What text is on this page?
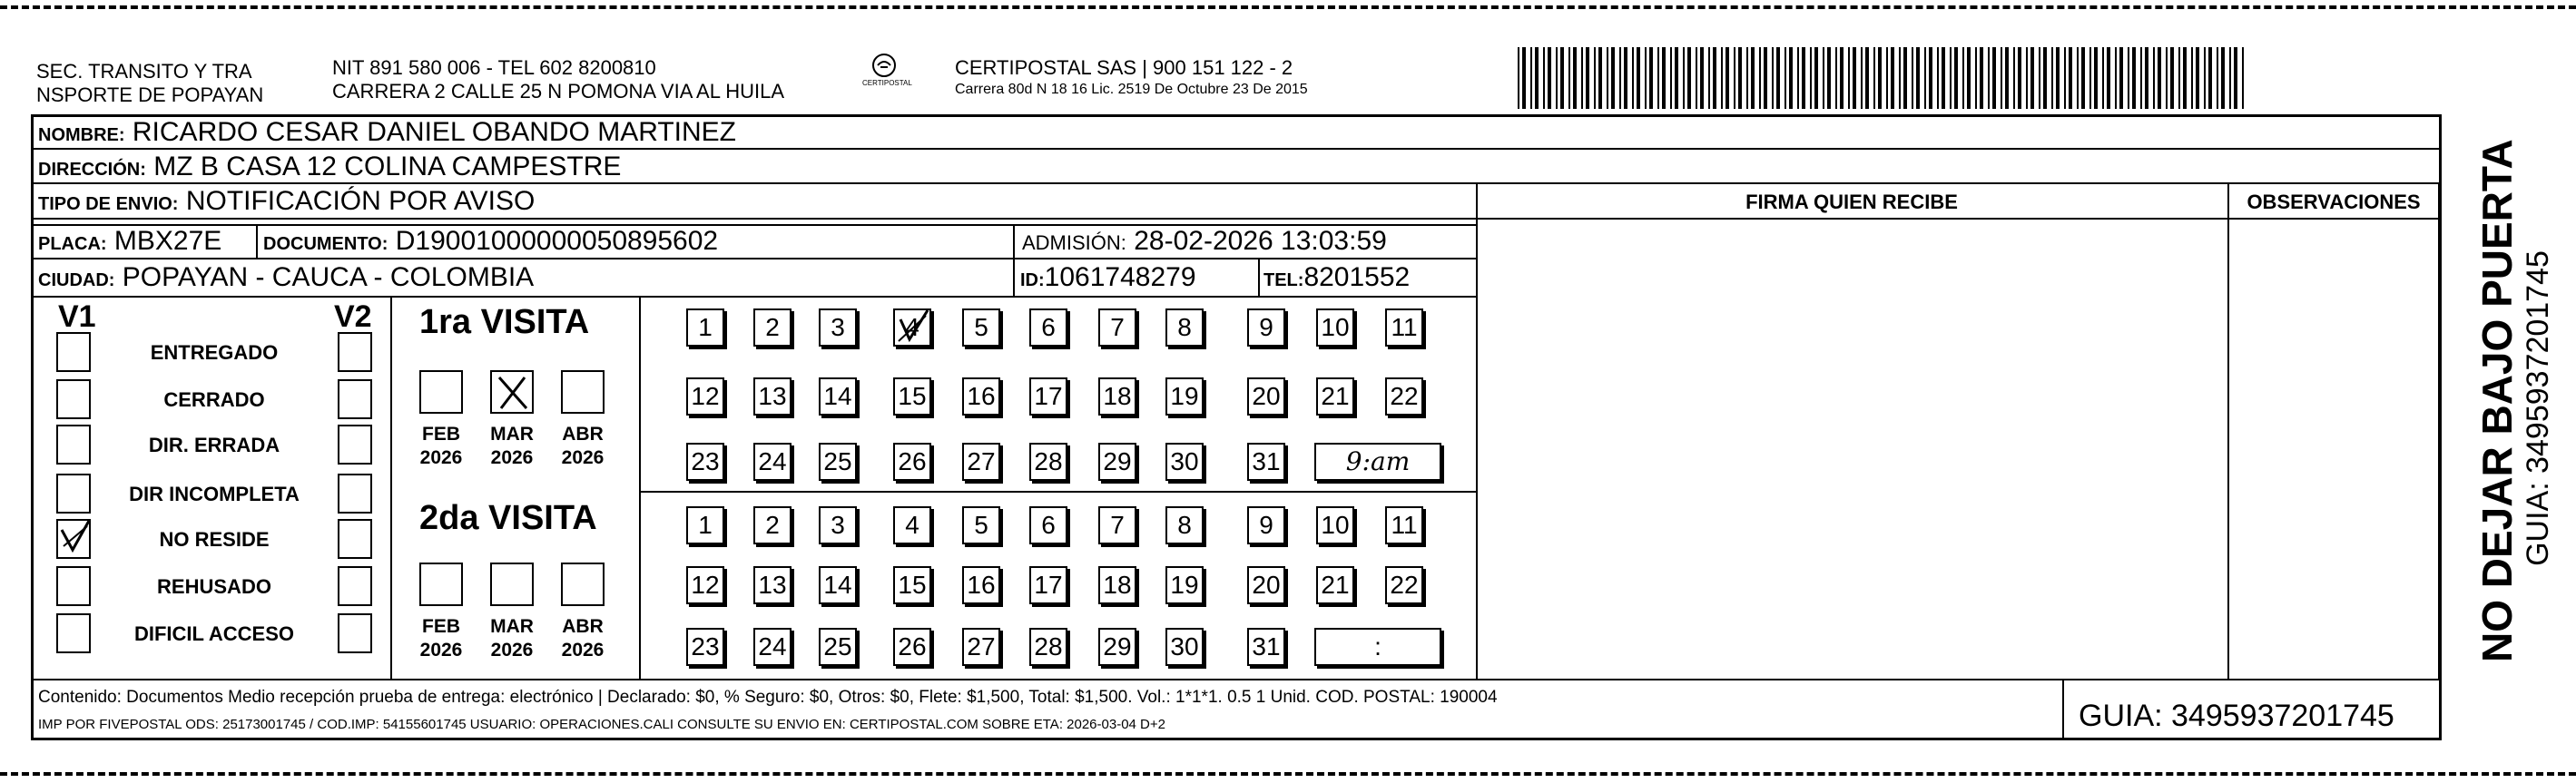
SEC. TRANSITO Y TRA
NSPORTE DE POPAYAN
NIT 891 580 006 - TEL 602 8200810
CARRERA 2 CALLE 25 N POMONA VIA AL HUILA	CERTIPOSTAL
CERTIPOSTAL SAS | 900 151 122 - 2
Carrera 80d N 18 16 Lic. 2519 De Octubre 23 De 2015
NOMBRE: RICARDO CESAR DANIEL OBANDO MARTINEZ
DIRECCIÓN: MZ B CASA 12 COLINA CAMPESTRE
TIPO DE ENVIO: NOTIFICACIÓN POR AVISO	FIRMA QUIEN RECIBE	OBSERVACIONES
PLACA: MBX27E DOCUMENTO: D19001000000050895602	ADMISIÓN: 28-02-2026 13:03:59
CIUDAD: POPAYAN - CAUCA - COLOMBIA	ID:1061748279	TEL:8201552
V1	V2
ENTREGADO
CERRADO
DIR. ERRADA
DIR INCOMPLETA
NO RESIDE
REHUSADO
DIFICIL ACCESO
1ra VISITA
2da VISITA
FEB
2026
MAR
2026
ABR
2026
FEB
2026
MAR
2026
ABR
2026
1	2	3	4	5	6	7	8	9	10 11
12 13 14 15 16 17 18 19 20 21 22
23 24 25 26 27 28 29 30 31	9:am
1	2	3	4	5	6	7	8	9	10 11
12 13 14 15 16 17 18 19 20 21 22
23 24 25 26 27 28 29 30 31	:
Contenido: Documentos Medio recepción prueba de entrega: electrónico | Declarado: $0, % Seguro: $0, Otros: $0, Flete: $1,500, Total: $1,500. Vol.: 1*1*1. 0.5 1 Unid. COD. POSTAL: 190004
IMP POR FIVEPOSTAL ODS: 25173001745 / COD.IMP: 54155601745 USUARIO: OPERACIONES.CALI CONSULTE SU ENVIO EN: CERTIPOSTAL.COM SOBRE ETA: 2026-03-04 D+2	GUIA: 3495937201745
NO DEJAR BAJO PUERTA GUIA: 3495937201745
